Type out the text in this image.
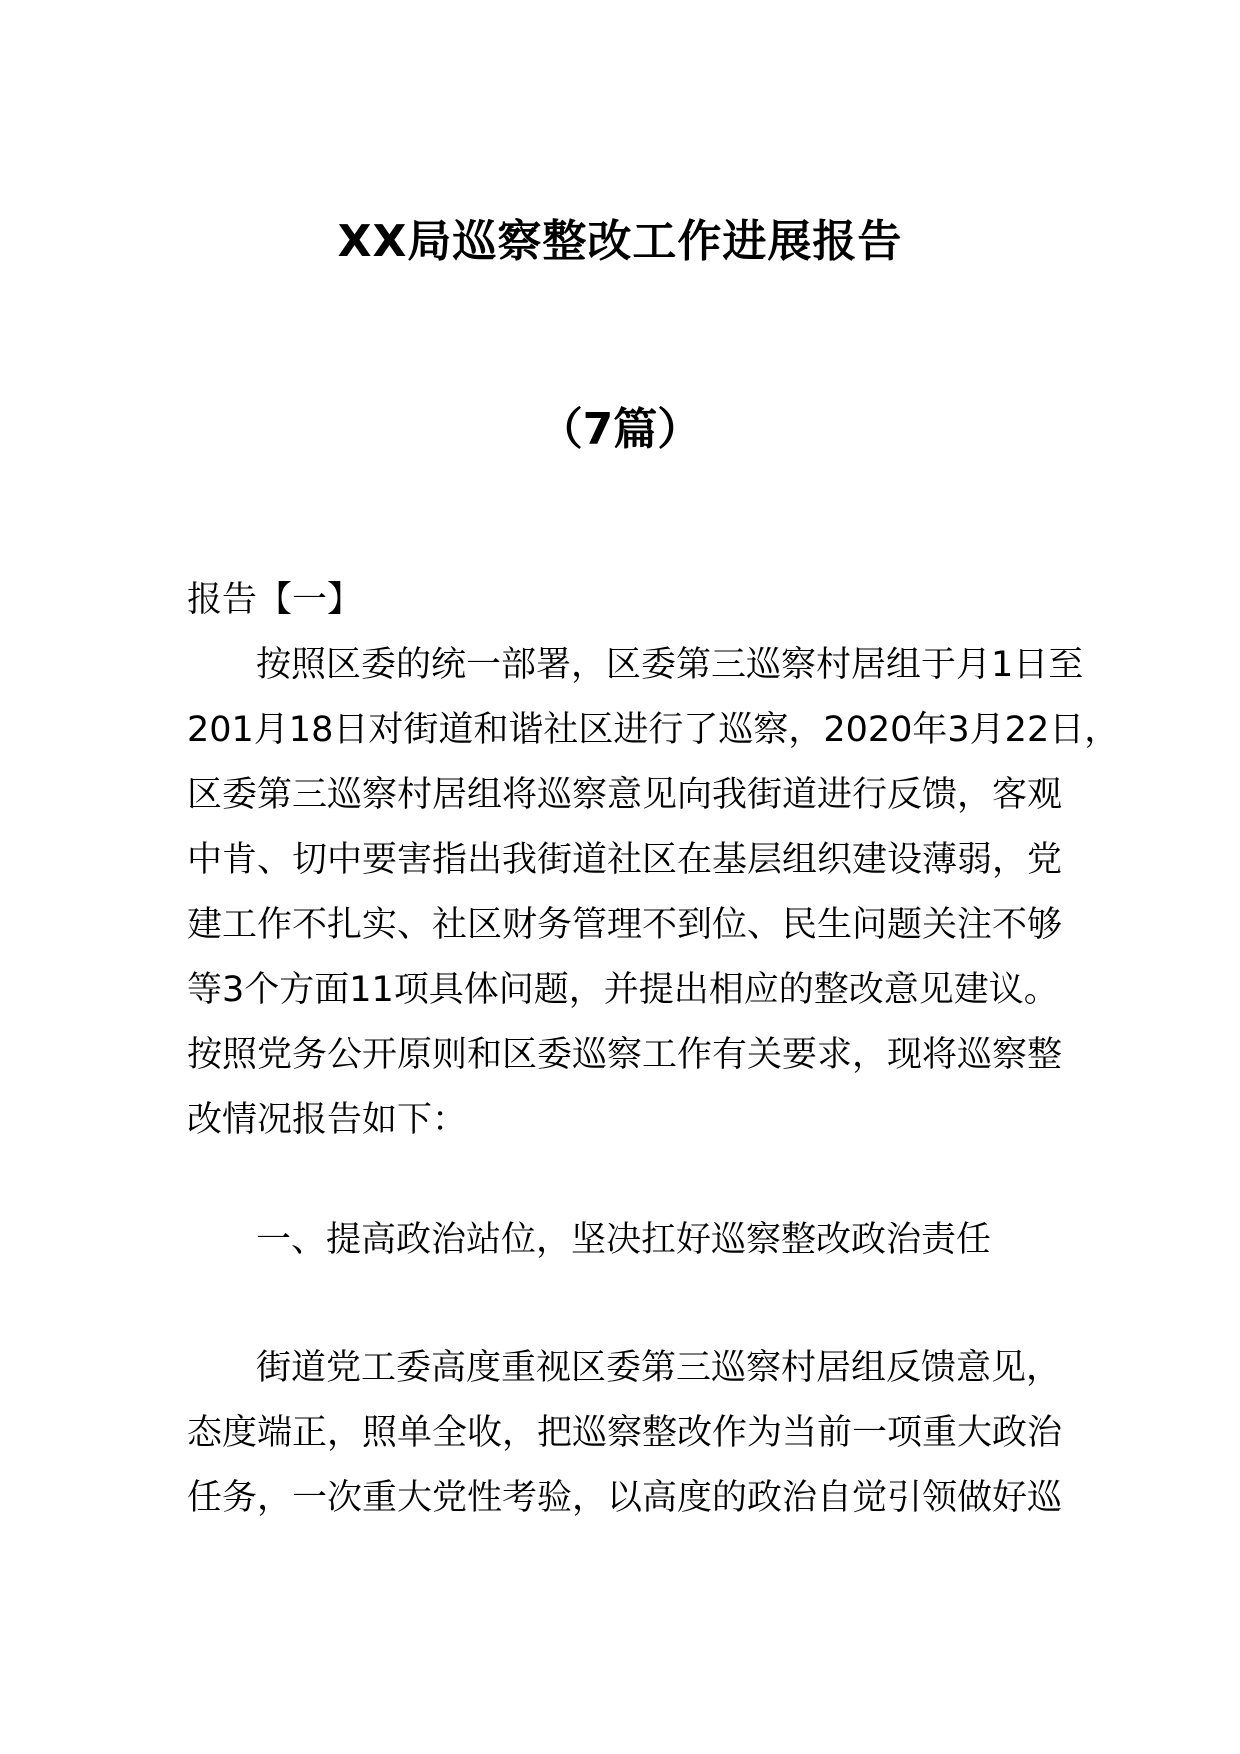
XX局巡察整改工作进展报告
（7篇）
报告【一】
按照区委的统一部署，区委第三巡察村居组于月1日至
201月18日对街道和谐社区进行了巡察，2020年3月22日，
区委第三巡察村居组将巡察意见向我街道进行反馈，客观
中肯、切中要害指出我街道社区在基层组织建设薄弱，党
建工作不扎实、社区财务管理不到位、民生问题关注不够
等3个方面11项具体问题，并提出相应的整改意见建议。
按照党务公开原则和区委巡察工作有关要求，现将巡察整
改情况报告如下：
一、提高政治站位，坚决扛好巡察整改政治责任
街道党工委高度重视区委第三巡察村居组反馈意见，
态度端正，照单全收，把巡察整改作为当前一项重大政治
任务，一次重大党性考验，以高度的政治自觉引领做好巡
